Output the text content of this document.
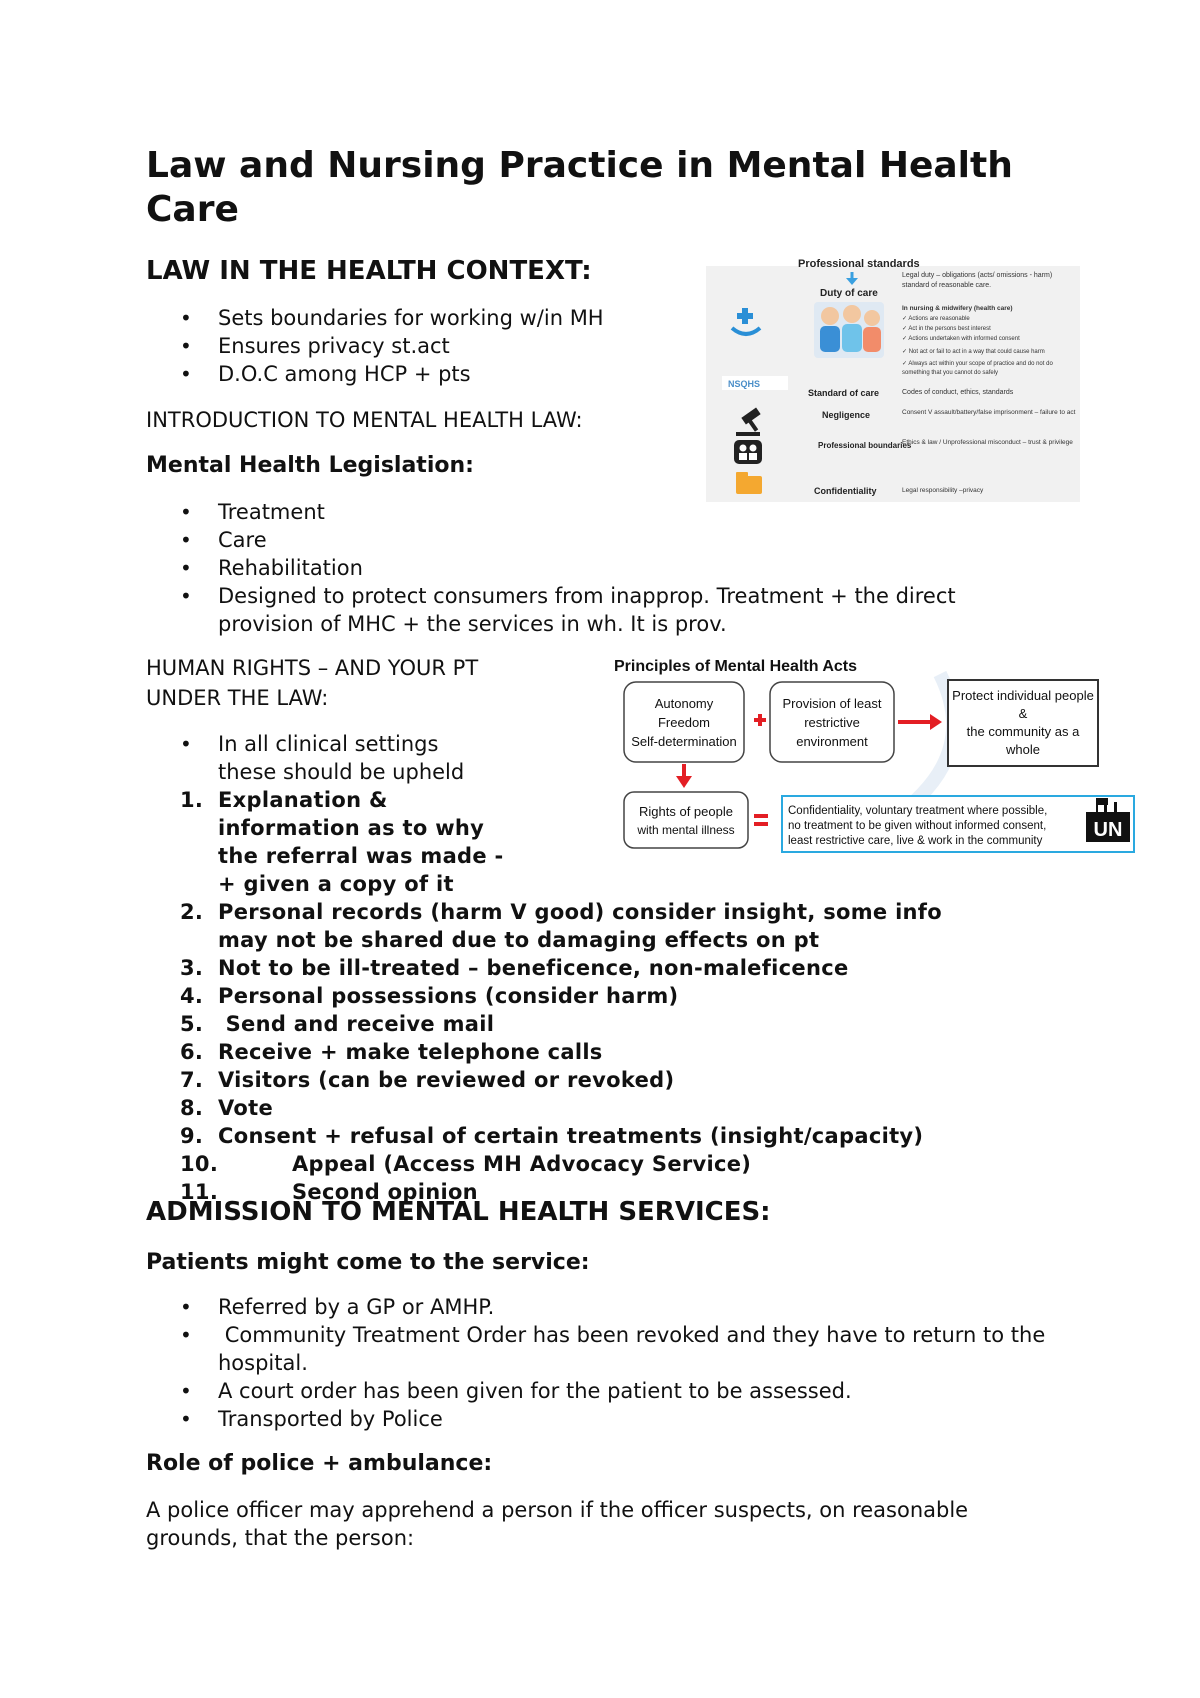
Law and Nursing Practice in Mental Health Care
LAW IN THE HEALTH CONTEXT:
• Sets boundaries for working w/in MH
• Ensures privacy st.act
• D.O.C among HCP + pts
INTRODUCTION TO MENTAL HEALTH LAW:
Mental Health Legislation:
• Treatment
• Care
• Rehabilitation
• Designed to protect consumers from inapprop. Treatment + the direct provision of MHC + the services in wh. It is prov.
HUMAN RIGHTS – AND YOUR PT
UNDER THE LAW:
• In all clinical settings these should be upheld
1. Explanation & information as to why the referral was made - + given a copy of it
2. Personal records (harm V good) consider insight, some info may not be shared due to damaging effects on pt
3. Not to be ill-treated – beneficence, non-maleficence
4. Personal possessions (consider harm)
5. Send and receive mail
6. Receive + make telephone calls
7. Visitors (can be reviewed or revoked)
8. Vote
9. Consent + refusal of certain treatments (insight/capacity)
10.	Appeal (Access MH Advocacy Service)
11.	Second opinion
ADMISSION TO MENTAL HEALTH SERVICES:
Patients might come to the service:
• Referred by a GP or AMHP.
•  Community Treatment Order has been revoked and they have to return to the hospital.
• A court order has been given for the patient to be assessed.
• Transported by Police
Role of police + ambulance:
A police officer may apprehend a person if the officer suspects, on reasonable grounds, that the person:
Professional standards
Duty of care
Legal duty – obligations (acts/ omissions - harm)
standard of reasonable care.
In nursing & midwifery (health care)
✓ Actions are reasonable
✓ Act in the persons best interest
✓ Actions undertaken with informed consent
✓ Not act or fail to act in a way that could cause harm
✓ Always act within your scope of practice and do not do
something that you cannot do safely
NSQHS
Standard of care	Codes of conduct, ethics, standards
Negligence	Consent V assault/battery/false imprisonment – failure to act
Professional boundaries
Ethics & law / Unprofessional misconduct – trust & privilege
Confidentiality	Legal responsibility –privacy
Principles of Mental Health Acts
Autonomy
Freedom
Self-determination
Provision of least
restrictive
environment
Protect individual people
&
the community as a
whole
Rights of people
with mental illness
Confidentiality, voluntary treatment where possible,
no treatment to be given without informed consent,
least restrictive care, live & work in the community	UN
